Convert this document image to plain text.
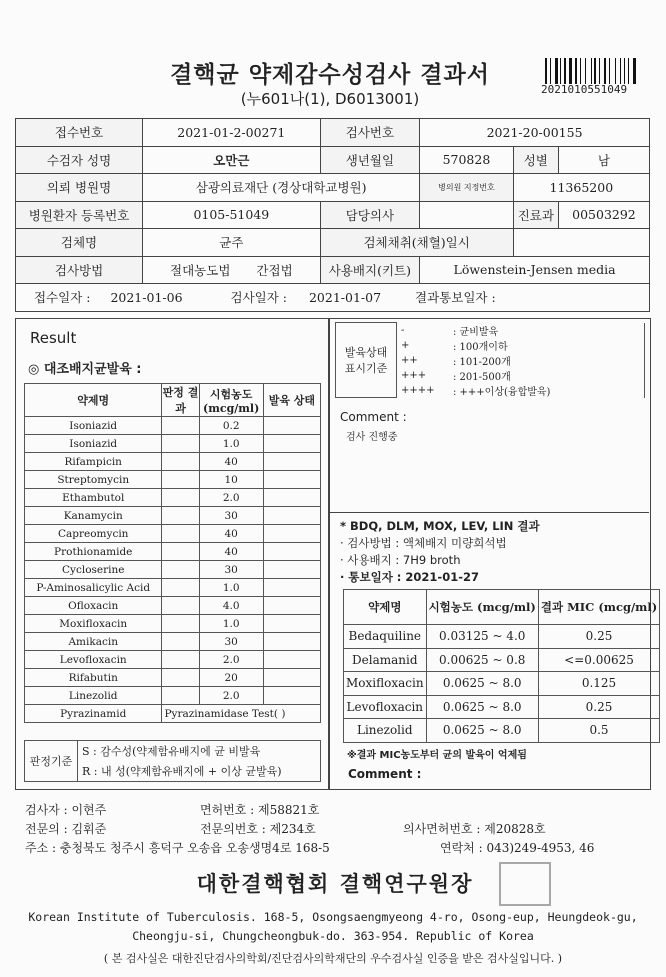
결핵균 약제감수성검사 결과서
(누601나(1), D6013001)
2021010551049
접수번호	2021-01-2-00271	검사번호	2021-20-00155		
수검자 성명	오만근	생년월일	570828	성별	남
의뢰 병원명	삼광의료재단 (경상대학교병원)		병의원 지정번호	11365200	
병원환자 등록번호	0105-51049	담당의사		진료과	00503292
검체명	균주	검체채취(채혈)일시			
검사방법	절대농도법 간접법	사용배지(키트)	Löwenstein-Jensen media		
접수일자 : 2021-01-06 검사일자 : 2021-01-07 결과통보일자 :					
Result
◎ 대조배지균발육 :
약제명	판정 결과	시험농도 (mcg/ml)	발육 상태
Isoniazid		0.2	
Isoniazid		1.0	
Rifampicin		40	
Streptomycin		10	
Ethambutol		2.0	
Kanamycin		30	
Capreomycin		40	
Prothionamide		40	
Cycloserine		30	
P-Aminosalicylic Acid		1.0	
Ofloxacin		4.0	
Moxifloxacin		1.0	
Amikacin		30	
Levofloxacin		2.0	
Rifabutin		20	
Linezolid		2.0	
Pyrazinamid	Pyrazinamidase Test( )		
판정기준	S : 감수성(약제함유배지에 균 비발육
R : 내 성(약제함유배지에 + 이상 균발육)
발육상태 표시기준	-	: 균비발육
	+	: 100개이하
	++	: 101-200개
	+++	: 201-500개
	++++	: +++이상(융합발육)
Comment :
검사 진행중
* BDQ, DLM, MOX, LEV, LIN 결과
· 검사방법 : 액체배지 미량희석법
· 사용배지 : 7H9 broth
· 통보일자 : 2021-01-27
약제명	시험농도 (mcg/ml)	결과 MIC (mcg/ml)
Bedaquiline	0.03125 ~ 4.0	0.25
Delamanid	0.00625 ~ 0.8	<=0.00625
Moxifloxacin	0.0625 ~ 8.0	0.125
Levofloxacin	0.0625 ~ 8.0	0.25
Linezolid	0.0625 ~ 8.0	0.5
※결과 MIC농도부터 균의 발육이 억제됨
Comment :
검사자 : 이현주	면허번호 : 제58821호
전문의 : 김휘준	전문의번호 : 제234호	의사면허번호 : 제20828호
주소 : 충청북도 청주시 흥덕구 오송읍 오송생명4로 168-5	연락처 : 043)249-4953, 46
대한결핵협회 결핵연구원장
Korean Institute of Tuberculosis. 168-5, Osongsaengmyeong 4-ro, Osong-eup, Heungdeok-gu,
Cheongju-si, Chungcheongbuk-do. 363-954. Republic of Korea
( 본 검사실은 대한진단검사의학회/진단검사의학재단의 우수검사실 인증을 받은 검사실입니다. )
